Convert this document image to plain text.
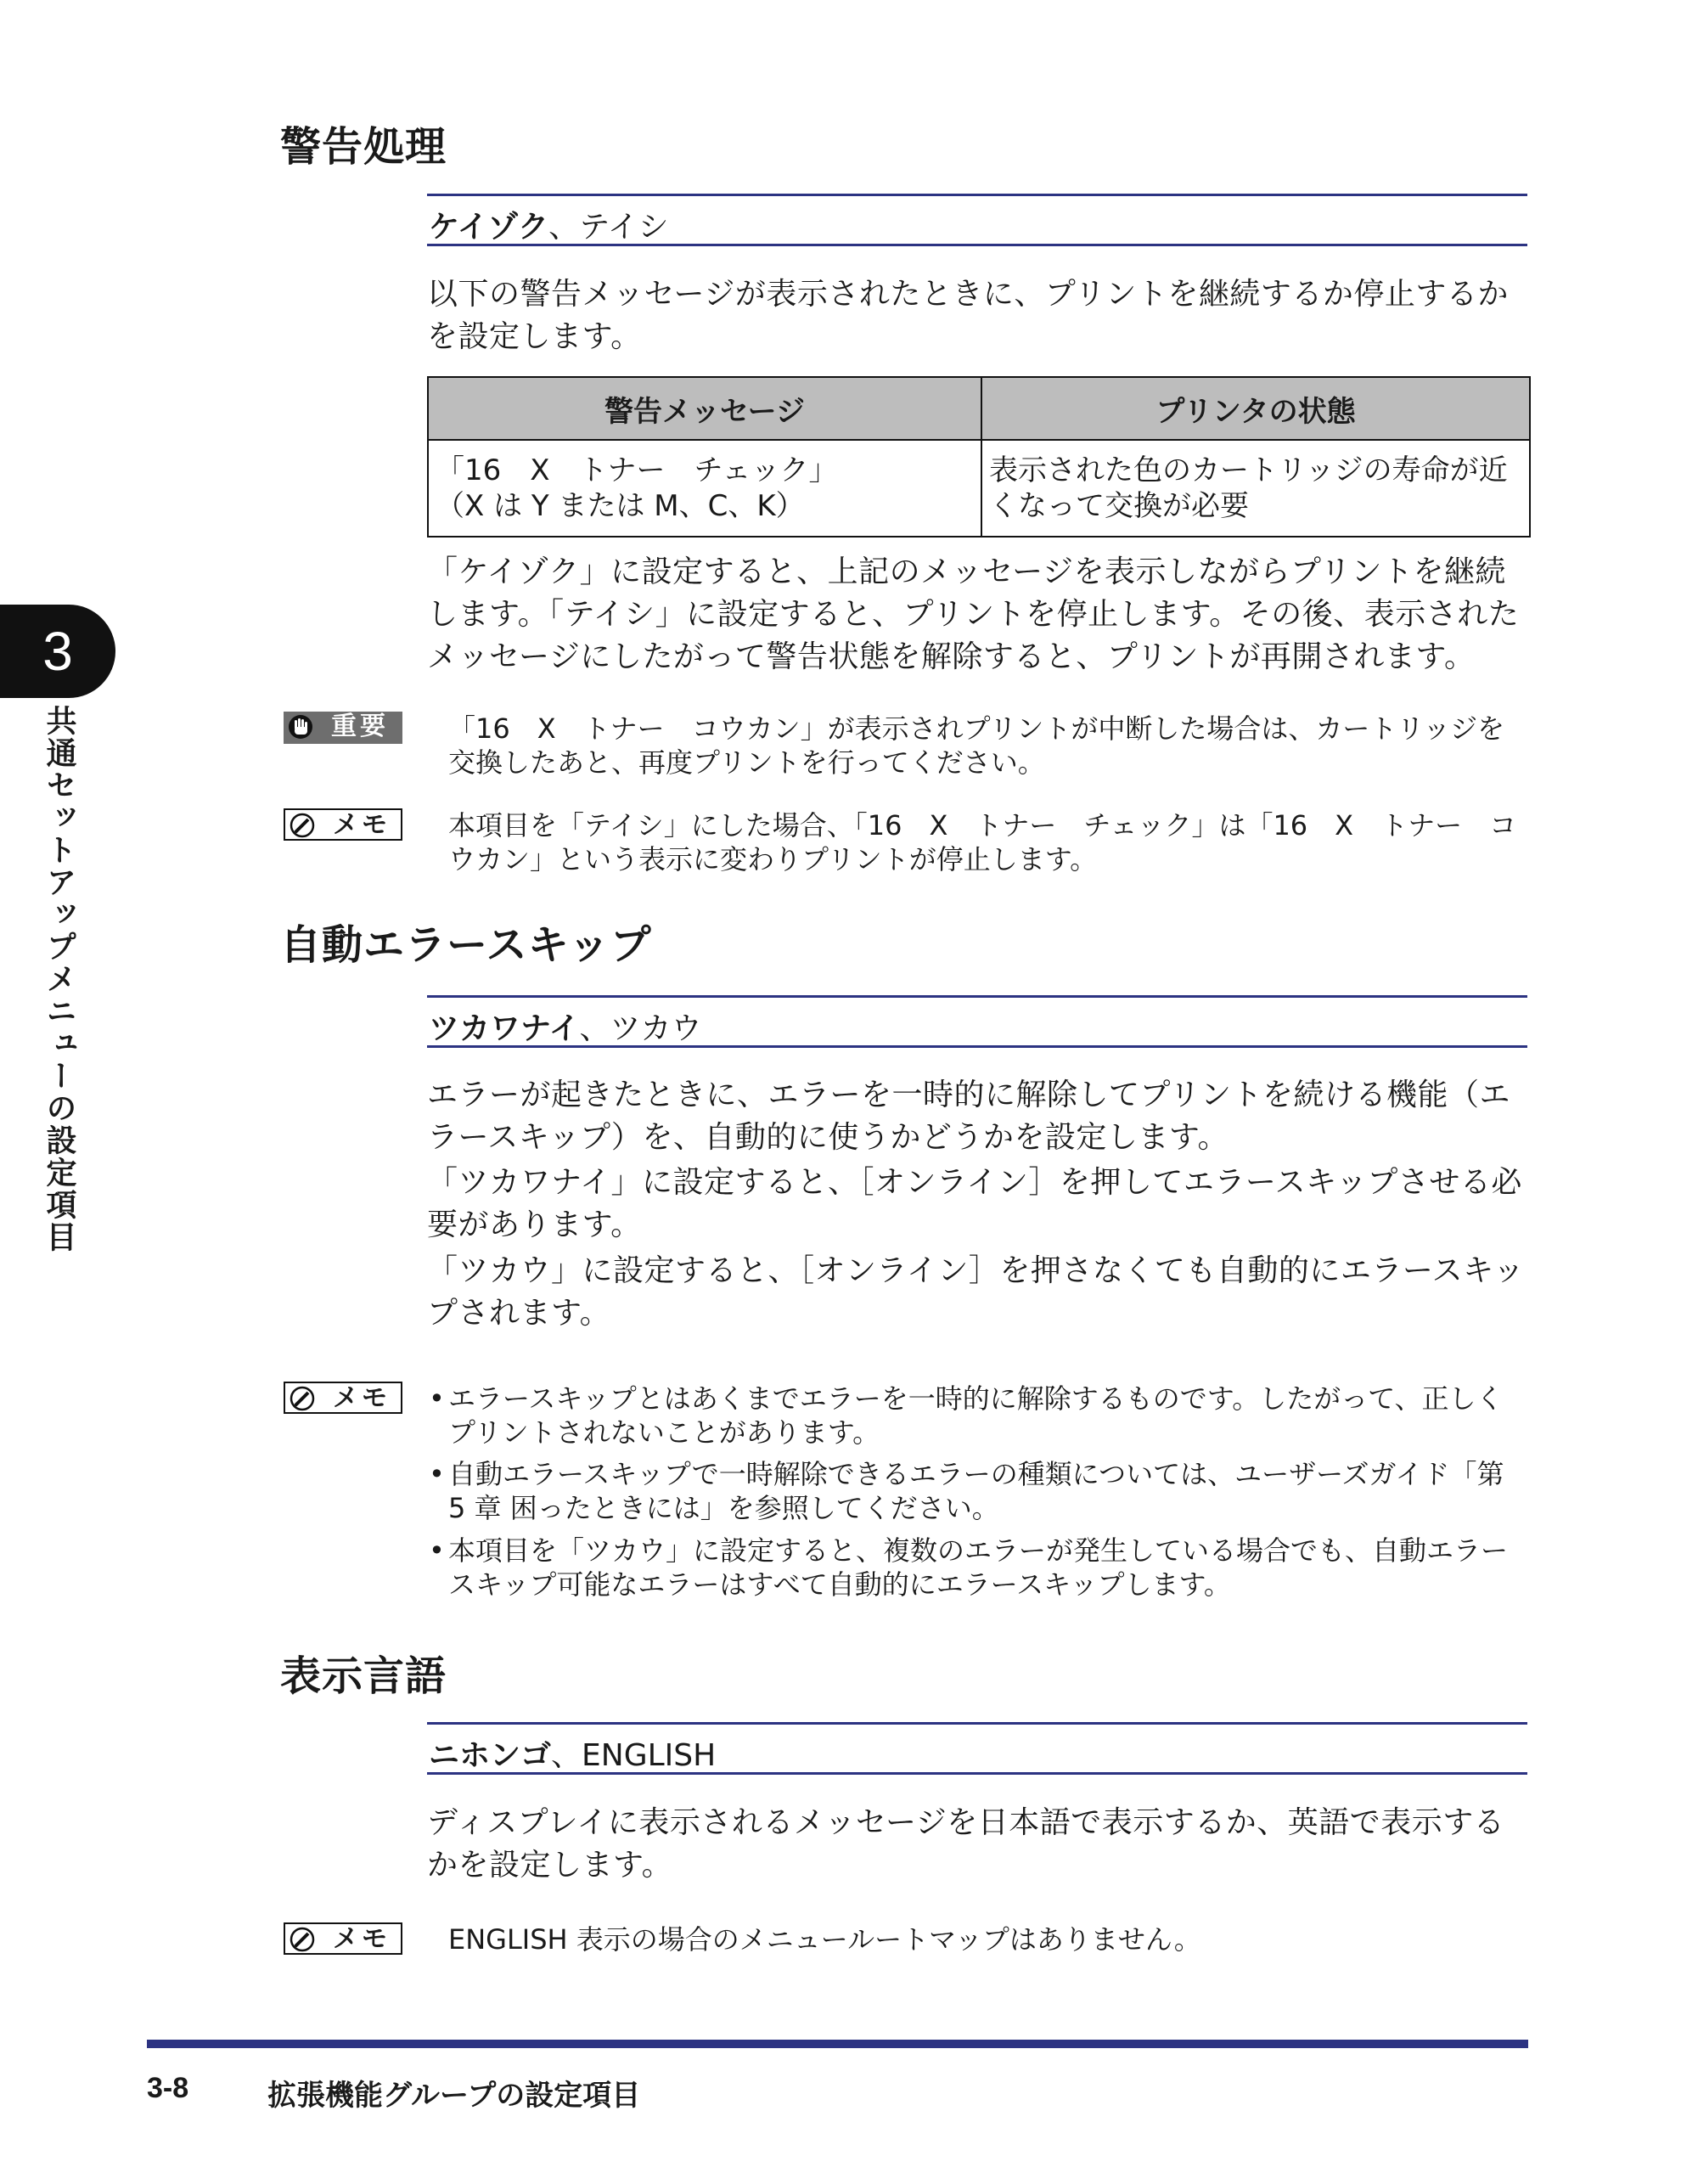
3
共通セットアップメニューの設定項目
警告処理
ケイゾク、テイシ
以下の警告メッセージが表示されたときに、プリントを継続するか停止するかを設定します。
警告メッセージ	プリンタの状態

「16　X　トナー　チェック」
（X は Y または M、C、K）	表示された色のカートリッジの寿命が近くなって交換が必要
「ケイゾク」に設定すると、上記のメッセージを表示しながらプリントを継続します。「テイシ」に設定すると、プリントを停止します。その後、表示されたメッセージにしたがって警告状態を解除すると、プリントが再開されます。
重要 「16　X　トナー　コウカン」が表示されプリントが中断した場合は、カートリッジを交換したあと、再度プリントを行ってください。
メモ 本項目を「テイシ」にした場合、「16　X　トナー　チェック」は「16　X　トナー　コウカン」という表示に変わりプリントが停止します。
自動エラースキップ
ツカワナイ、ツカウ
エラーが起きたときに、エラーを一時的に解除してプリントを続ける機能（エラースキップ）を、自動的に使うかどうかを設定します。
「ツカワナイ」に設定すると、［オンライン］を押してエラースキップさせる必要があります。
「ツカウ」に設定すると、［オンライン］を押さなくても自動的にエラースキップされます。
メモ • エラースキップとはあくまでエラーを一時的に解除するものです。したがって、正しくプリントされないことがあります。
• 自動エラースキップで一時解除できるエラーの種類については、ユーザーズガイド「第 5 章 困ったときには」を参照してください。
• 本項目を「ツカウ」に設定すると、複数のエラーが発生している場合でも、自動エラースキップ可能なエラーはすべて自動的にエラースキップします。
表示言語
ニホンゴ、ENGLISH
ディスプレイに表示されるメッセージを日本語で表示するか、英語で表示するかを設定します。
メモ ENGLISH 表示の場合のメニュールートマップはありません。
3-8	拡張機能グループの設定項目
